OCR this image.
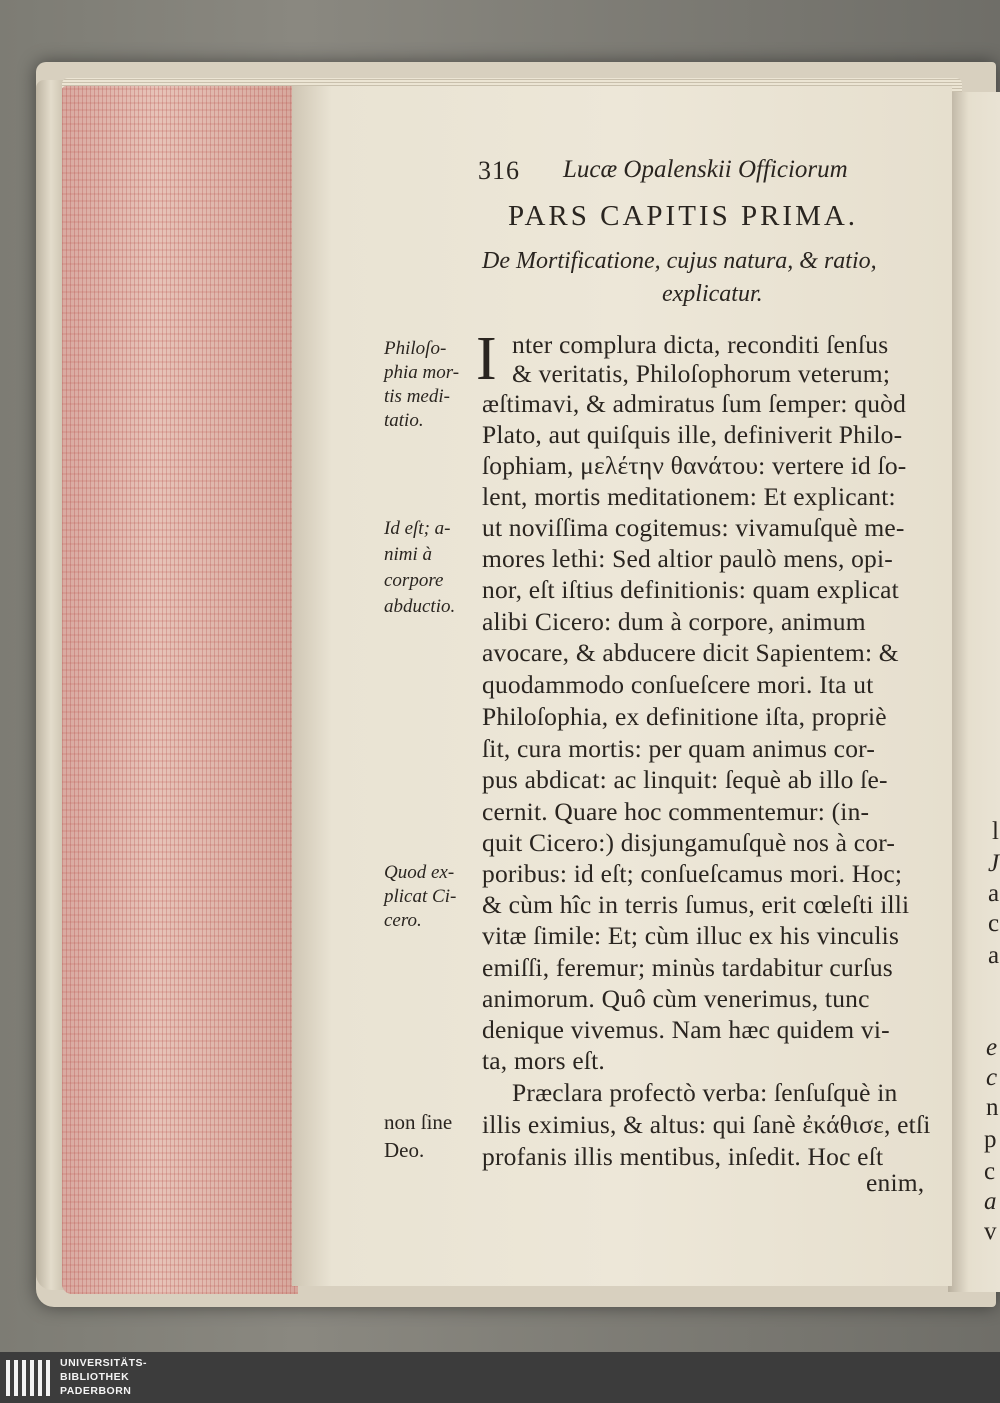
316 Lucæ Opalenskii Officiorum
PARS CAPITIS PRIMA.
De Mortificatione, cujus natura, & ratio,
explicatur.
I nter complura dicta, reconditi ſenſus
& veritatis, Philoſophorum veterum;
æſtimavi, & admiratus ſum ſemper: quòd
Plato, aut quiſquis ille, definiverit Philo-
ſophiam, μελέτην θανάτου: vertere id ſo-
lent, mortis meditationem: Et explicant:
ut noviſſima cogitemus: vivamuſquè me-
mores lethi: Sed altior paulò mens, opi-
nor, eſt iſtius definitionis: quam explicat
alibi Cicero: dum à corpore, animum
avocare, & abducere dicit Sapientem: &
quodammodo conſueſcere mori. Ita ut
Philoſophia, ex definitione iſta, propriè
ſit, cura mortis: per quam animus cor-
pus abdicat: ac linquit: ſequè ab illo ſe-
cernit. Quare hoc commentemur: (in-
quit Cicero:) disjungamuſquè nos à cor-
poribus: id eſt; conſueſcamus mori. Hoc;
& cùm hîc in terris ſumus, erit cœleſti illi
vitæ ſimile: Et; cùm illuc ex his vinculis
emiſſi, feremur; minùs tardabitur curſus
animorum. Quô cùm venerimus, tunc
denique vivemus. Nam hæc quidem vi-
ta, mors eſt.
Præclara profectò verba: ſenſuſquè in
illis eximius, & altus: qui ſanè ἐκάθισε, etſi
profanis illis mentibus, inſedit. Hoc eſt
enim,
Philoſo-
phia mor-
tis medi-
tatio.
Id eſt; a-
nimi à
corpore
abductio.
Quod ex-
plicat Ci-
cero.
non ſine
Deo.
l
J
a
c
a
e
c
n
p
c
a
v
UNIVERSITÄTS-
BIBLIOTHEK
PADERBORN
